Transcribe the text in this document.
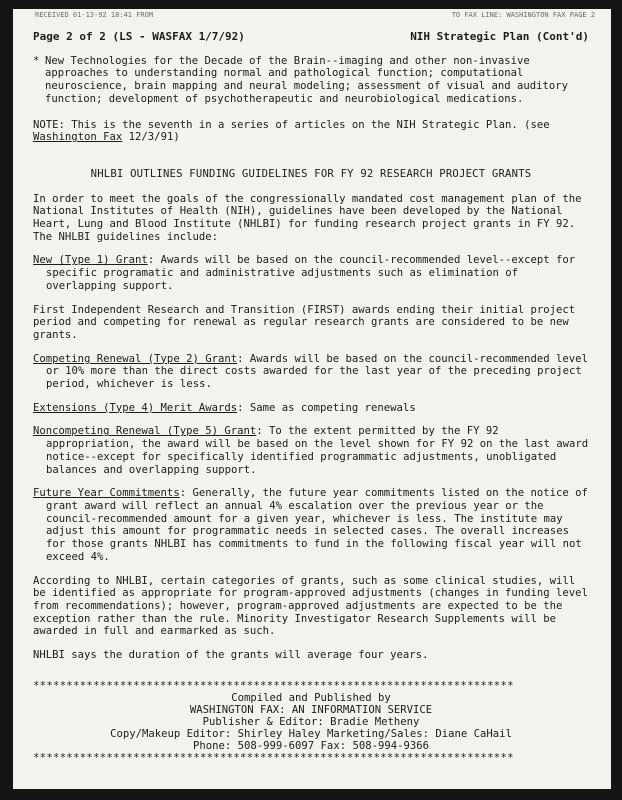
RECEIVED 01-13-92 18:41 FROM	TO FAX LINE: WASHINGTON FAX PAGE 2
Page 2 of 2 (LS - WASFAX 1/7/92)	NIH Strategic Plan (Cont'd)
* New Technologies for the Decade of the Brain--imaging and other non-invasive approaches to understanding normal and pathological function; computational neuroscience, brain mapping and neural modeling; assessment of visual and auditory function; development of psychotherapeutic and neurobiological medications.

NOTE: This is the seventh in a series of articles on the NIH Strategic Plan. (see Washington Fax 12/3/91)

NHLBI OUTLINES FUNDING GUIDELINES FOR FY 92 RESEARCH PROJECT GRANTS

In order to meet the goals of the congressionally mandated cost management plan of the National Institutes of Health (NIH), guidelines have been developed by the National Heart, Lung and Blood Institute (NHLBI) for funding research project grants in FY 92. The NHLBI guidelines include:

New (Type 1) Grant: Awards will be based on the council-recommended level--except for specific programatic and administrative adjustments such as elimination of overlapping support.

First Independent Research and Transition (FIRST) awards ending their initial project period and competing for renewal as regular research grants are considered to be new grants.

Competing Renewal (Type 2) Grant: Awards will be based on the council-recommended level or 10% more than the direct costs awarded for the last year of the preceding project period, whichever is less.

Extensions (Type 4) Merit Awards: Same as competing renewals

Noncompeting Renewal (Type 5) Grant: To the extent permitted by the FY 92 appropriation, the award will be based on the level shown for FY 92 on the last award notice--except for specifically identified programmatic adjustments, unobligated balances and overlapping support.

Future Year Commitments: Generally, the future year commitments listed on the notice of grant award will reflect an annual 4% escalation over the previous year or the council-recommended amount for a given year, whichever is less. The institute may adjust this amount for programmatic needs in selected cases. The overall increases for those grants NHLBI has commitments to fund in the following fiscal year will not exceed 4%.

According to NHLBI, certain categories of grants, such as some clinical studies, will be identified as appropriate for program-approved adjustments (changes in funding level from recommendations); however, program-approved adjustments are expected to be the exception rather than the rule. Minority Investigator Research Supplements will be awarded in full and earmarked as such.

NHLBI says the duration of the grants will average four years.

************************************************************************
Compiled and Published by
WASHINGTON FAX: AN INFORMATION SERVICE
Publisher & Editor: Bradie Metheny
Copy/Makeup Editor: Shirley Haley Marketing/Sales: Diane CaHail
Phone: 508-999-6097 Fax: 508-994-9366
************************************************************************
